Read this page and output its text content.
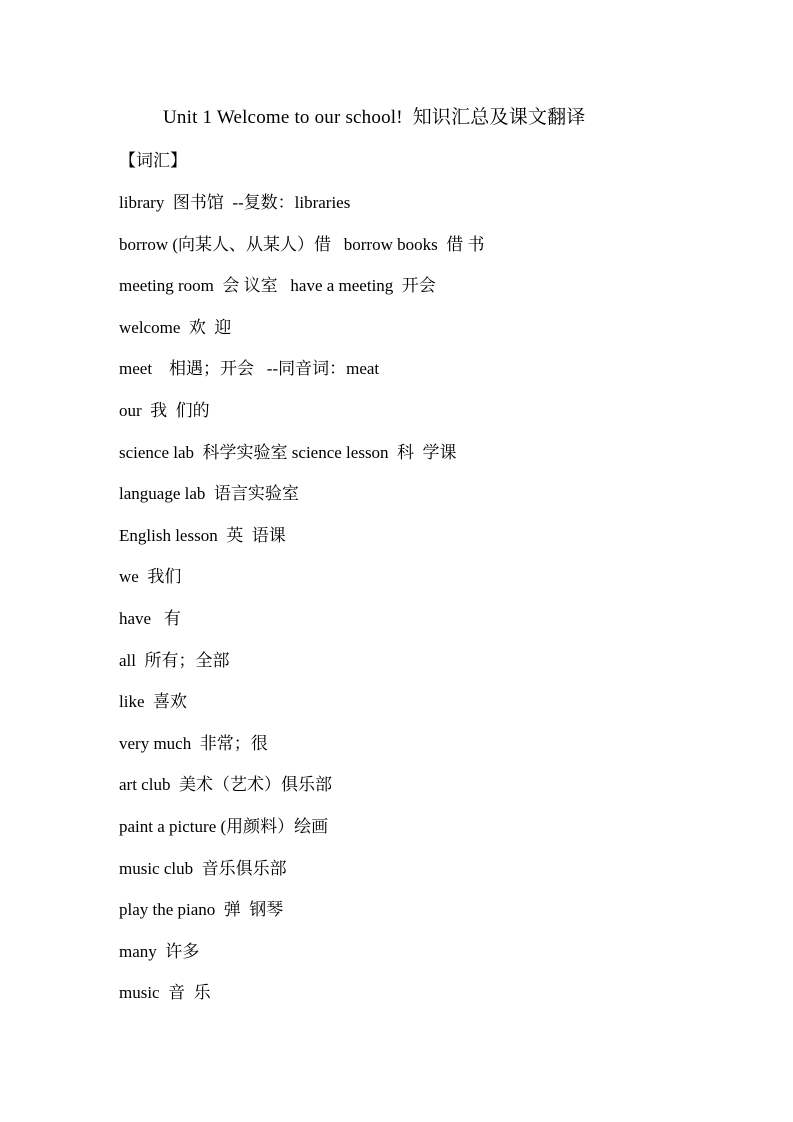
Unit 1 Welcome to our school!  知识汇总及课文翻译
【词汇】
library  图书馆  --复数：libraries
borrow (向某人、从某人）借   borrow books  借 书
meeting room  会 议室   have a meeting  开会
welcome  欢  迎
meet    相遇；开会   --同音词：meat
our  我  们的
science lab  科学实验室 science lesson  科  学课
language lab  语言实验室
English lesson  英  语课
we  我们
have   有
all  所有；全部
like  喜欢
very much  非常；很
art club  美术（艺术）俱乐部
paint a picture (用颜料）绘画
music club  音乐俱乐部
play the piano  弹  钢琴
many  许多
music  音  乐
